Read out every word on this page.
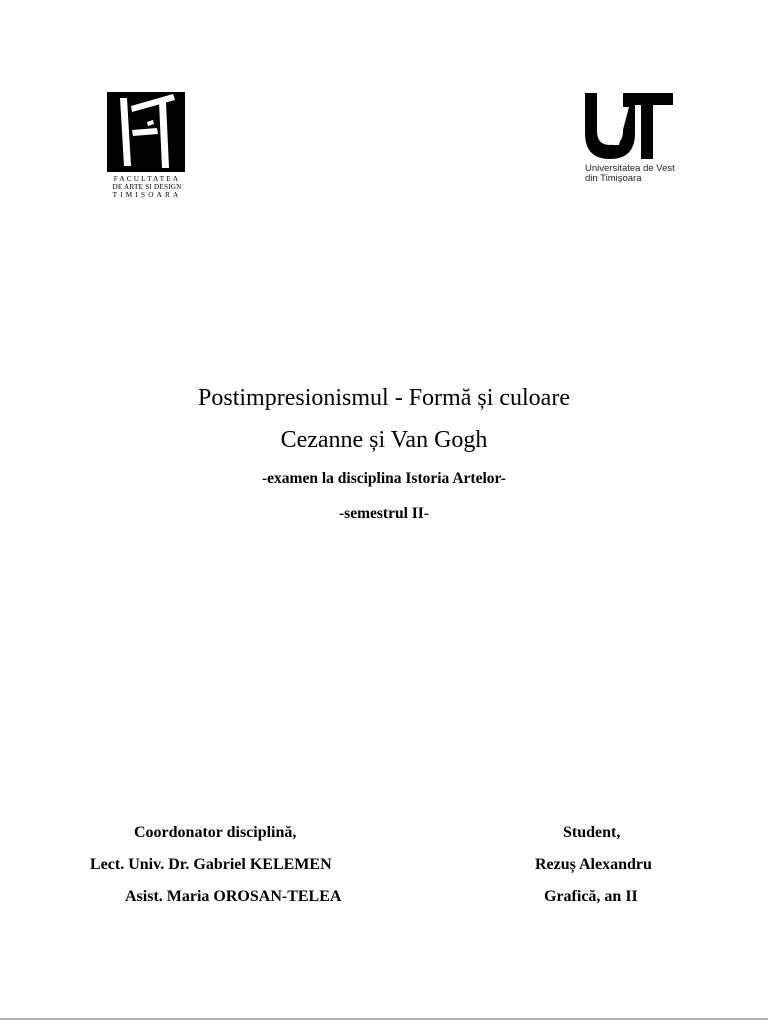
FACULTATEA
DE ARTE ȘI DESIGN
TIMIȘOARA
Universitatea de Vest
din Timișoara
Postimpresionismul - Formă și culoare
Cezanne și Van Gogh
-examen la disciplina Istoria Artelor-
-semestrul II-
Coordonator disciplină,
Lect. Univ. Dr. Gabriel KELEMEN
Asist. Maria OROSAN-TELEA
Student,
Rezuș Alexandru
Grafică, an II
